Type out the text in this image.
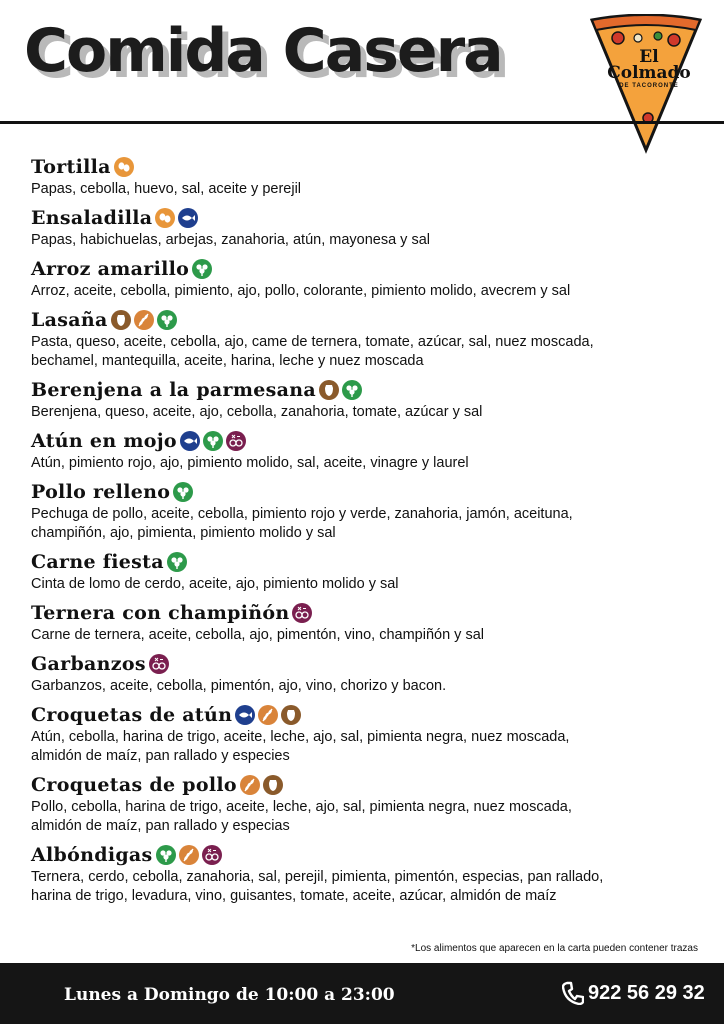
Comida Casera	El
Colmado
DE TACORONTE
Tortilla
Papas, cebolla, huevo, sal, aceite y perejil
Ensaladilla
Papas, habichuelas, arbejas, zanahoria, atún, mayonesa y sal
Arroz amarillo
Arroz, aceite, cebolla, pimiento, ajo, pollo, colorante, pimiento molido, avecrem y sal
Lasaña
Pasta, queso, aceite, cebolla, ajo, came de ternera, tomate, azúcar, sal, nuez moscada,
bechamel, mantequilla, aceite, harina, leche y nuez moscada
Berenjena a la parmesana
Berenjena, queso, aceite, ajo, cebolla, zanahoria, tomate, azúcar y sal
Atún en mojo
Atún, pimiento rojo, ajo, pimiento molido, sal, aceite, vinagre y laurel
Pollo relleno
Pechuga de pollo, aceite, cebolla, pimiento rojo y verde, zanahoria, jamón, aceituna,
champiñón, ajo, pimienta, pimiento molido y sal
Carne fiesta
Cinta de lomo de cerdo, aceite, ajo, pimiento molido y sal
Ternera con champiñón
Carne de ternera, aceite, cebolla, ajo, pimentón, vino, champiñón y sal
Garbanzos
Garbanzos, aceite, cebolla, pimentón, ajo, vino, chorizo y bacon.
Croquetas de atún
Atún, cebolla, harina de trigo, aceite, leche, ajo, sal, pimienta negra, nuez moscada,
almidón de maíz, pan rallado y especies
Croquetas de pollo
Pollo, cebolla, harina de trigo, aceite, leche, ajo, sal, pimienta negra, nuez moscada,
almidón de maíz, pan rallado y especias
Albóndigas
Ternera, cerdo, cebolla, zanahoria, sal, perejil, pimienta, pimentón, especias, pan rallado,
harina de trigo, levadura, vino, guisantes, tomate, aceite, azúcar, almidón de maíz
*Los alimentos que aparecen en la carta pueden contener trazas
Lunes a Domingo de 10:00 a 23:00	922 56 29 32
